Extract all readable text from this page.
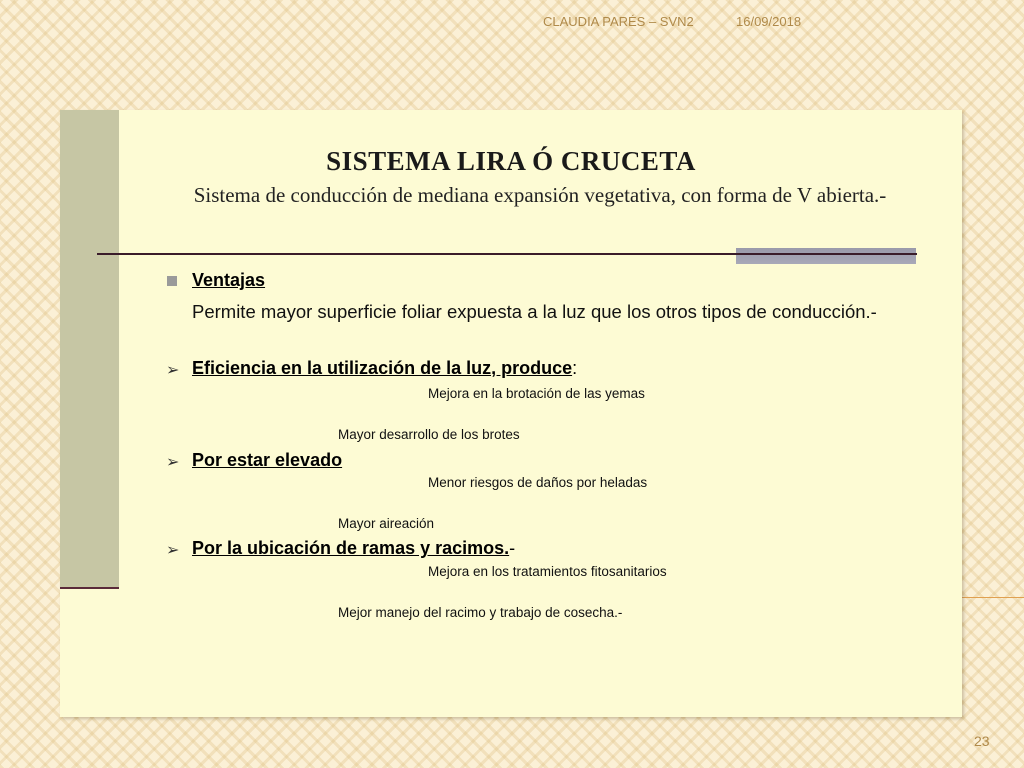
CLAUDIA PARÉS – SVN2	16/09/2018
SISTEMA LIRA Ó CRUCETA
Sistema de conducción de mediana expansión vegetativa, con forma de V abierta.-
Ventajas
Permite mayor superficie foliar expuesta a la luz que los otros tipos de conducción.-
➢ Eficiencia en la utilización de la luz, produce:
Mejora en la brotación de las yemas
Mayor desarrollo de los brotes
➢ Por estar elevado
Menor riesgos de daños por heladas
Mayor aireación
➢ Por la ubicación de ramas y racimos.-
Mejora en los tratamientos fitosanitarios
Mejor manejo del racimo y trabajo de cosecha.-
23
